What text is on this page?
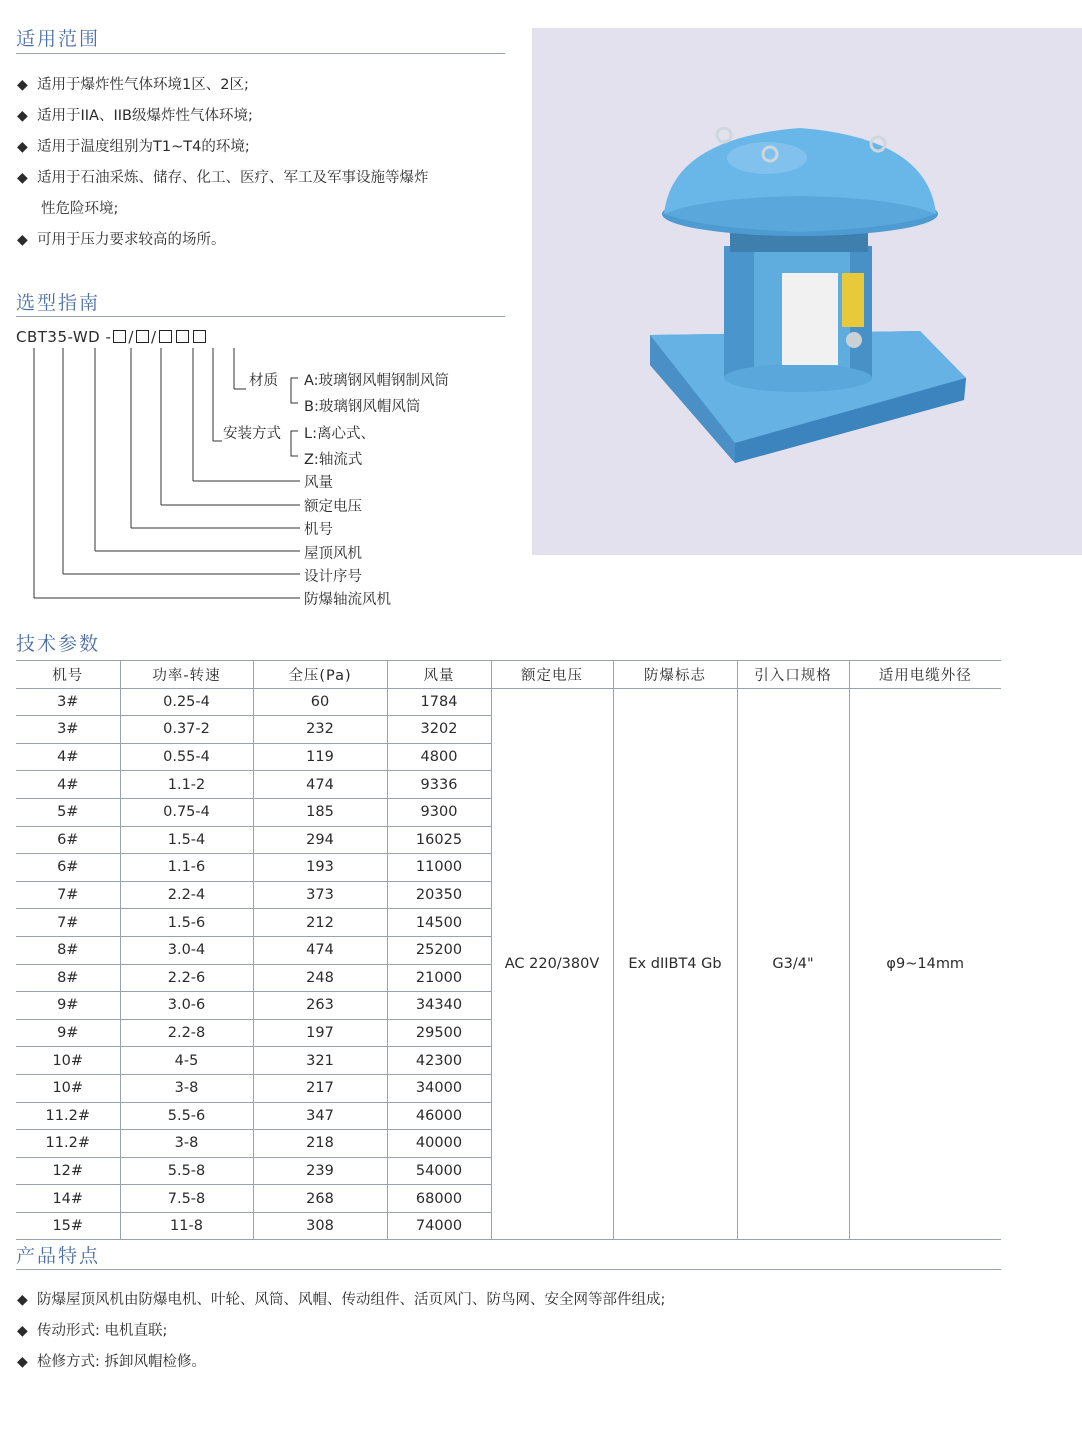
适用范围
◆ 适用于爆炸性气体环境1区、2区;
◆ 适用于IIA、IIB级爆炸性气体环境;
◆ 适用于温度组别为T1~T4的环境;
◆ 适用于石油采炼、储存、化工、医疗、军工及军事设施等爆炸
性危险环境;
◆ 可用于压力要求较高的场所。
选型指南
CBT35-WD - / /
材质 A:玻璃钢风帽钢制风筒
B:玻璃钢风帽风筒
安装方式 L:离心式、
Z:轴流式
风量
额定电压
机号
屋顶风机
设计序号
防爆轴流风机
技术参数
机号	功率-转速	全压(Pa)	风量	额定电压	防爆标志	引入口规格	适用电缆外径
3#	0.25-4	60	1784	AC 220/380V	Ex dIIBT4 Gb	G3/4"	φ9~14mm
3#	0.37-2	232	3202				
4#	0.55-4	119	4800				
4#	1.1-2	474	9336				
5#	0.75-4	185	9300				
6#	1.5-4	294	16025				
6#	1.1-6	193	11000				
7#	2.2-4	373	20350				
7#	1.5-6	212	14500				
8#	3.0-4	474	25200				
8#	2.2-6	248	21000				
9#	3.0-6	263	34340				
9#	2.2-8	197	29500				
10#	4-5	321	42300				
10#	3-8	217	34000				
11.2#	5.5-6	347	46000				
11.2#	3-8	218	40000				
12#	5.5-8	239	54000				
14#	7.5-8	268	68000				
15#	11-8	308	74000				
产品特点
◆ 防爆屋顶风机由防爆电机、叶轮、风筒、风帽、传动组件、活页风门、防鸟网、安全网等部件组成;
◆ 传动形式: 电机直联;
◆ 检修方式: 拆卸风帽检修。
